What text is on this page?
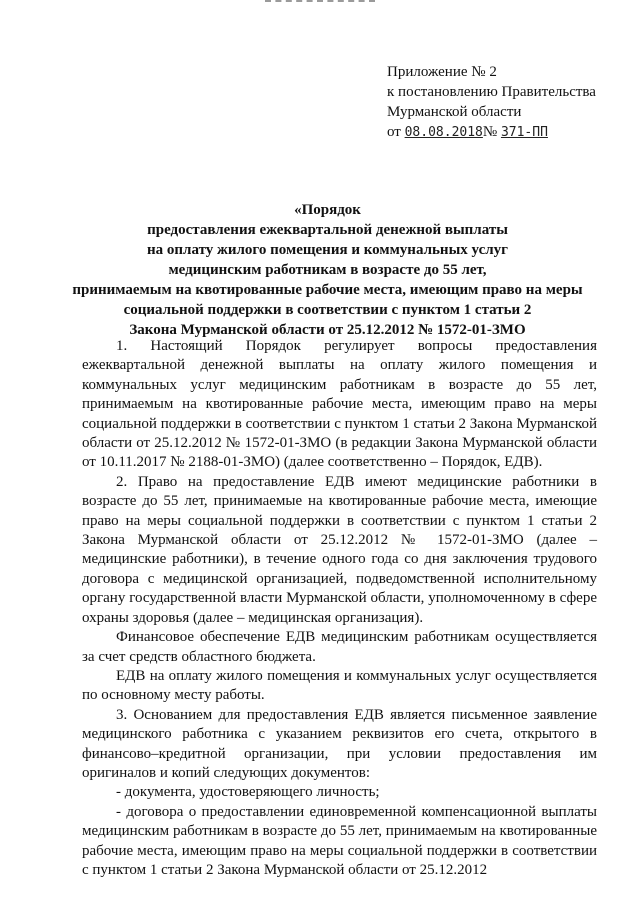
Приложение № 2
к постановлению Правительства
Мурманской области
от 08.08.2018№ 371-ПП
«Порядок
предоставления ежеквартальной денежной выплаты
на оплату жилого помещения и коммунальных услуг
медицинским работникам в возрасте до 55 лет,
принимаемым на квотированные рабочие места, имеющим право на меры
социальной поддержки в соответствии с пунктом 1 статьи 2
Закона Мурманской области от 25.12.2012 № 1572-01-ЗМО

1. Настоящий Порядок регулирует вопросы предоставления ежеквартальной денежной выплаты на оплату жилого помещения и коммунальных услуг медицинским работникам в возрасте до 55 лет, принимаемым на квотированные рабочие места, имеющим право на меры социальной поддержки в соответствии с пунктом 1 статьи 2 Закона Мурманской области от 25.12.2012 № 1572-01-ЗМО (в редакции Закона Мурманской области от 10.11.2017 № 2188-01-ЗМО) (далее соответственно – Порядок, ЕДВ).

2. Право на предоставление ЕДВ имеют медицинские работники в возрасте до 55 лет, принимаемые на квотированные рабочие места, имеющие право на меры социальной поддержки в соответствии с пунктом 1 статьи 2 Закона Мурманской области от 25.12.2012 № 1572-01-ЗМО (далее – медицинские работники), в течение одного года со дня заключения трудового договора с медицинской организацией, подведомственной исполнительному органу государственной власти Мурманской области, уполномоченному в сфере охраны здоровья (далее – медицинская организация).

Финансовое обеспечение ЕДВ медицинским работникам осуществляется за счет средств областного бюджета.

ЕДВ на оплату жилого помещения и коммунальных услуг осуществляется по основному месту работы.

3. Основанием для предоставления ЕДВ является письменное заявление медицинского работника с указанием реквизитов его счета, открытого в финансово–кредитной организации, при условии предоставления им оригиналов и копий следующих документов:

- документа, удостоверяющего личность;

- договора о предоставлении единовременной компенсационной выплаты медицинским работникам в возрасте до 55 лет, принимаемым на квотированные рабочие места, имеющим право на меры социальной поддержки в соответствии с пунктом 1 статьи 2 Закона Мурманской области от 25.12.2012
